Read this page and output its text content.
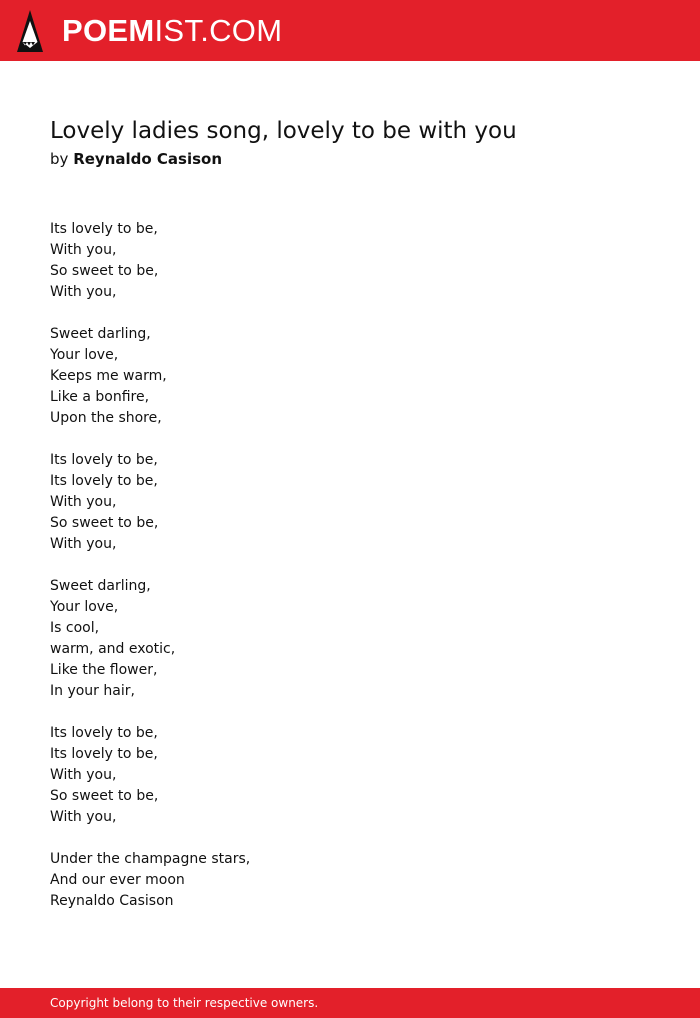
POEMIST.COM
Lovely ladies song, lovely to be with you
by Reynaldo Casison
Its lovely to be,
With you,
So sweet to be,
With you,
Sweet darling,
Your love,
Keeps me warm,
Like a bonfire,
Upon the shore,
Its lovely to be,
Its lovely to be,
With you,
So sweet to be,
With you,
Sweet darling,
Your love,
Is cool,
warm, and exotic,
Like the flower,
In your hair,
Its lovely to be,
Its lovely to be,
With you,
So sweet to be,
With you,
Under the champagne stars,
And our ever moon
Reynaldo Casison
Copyright belong to their respective owners.
